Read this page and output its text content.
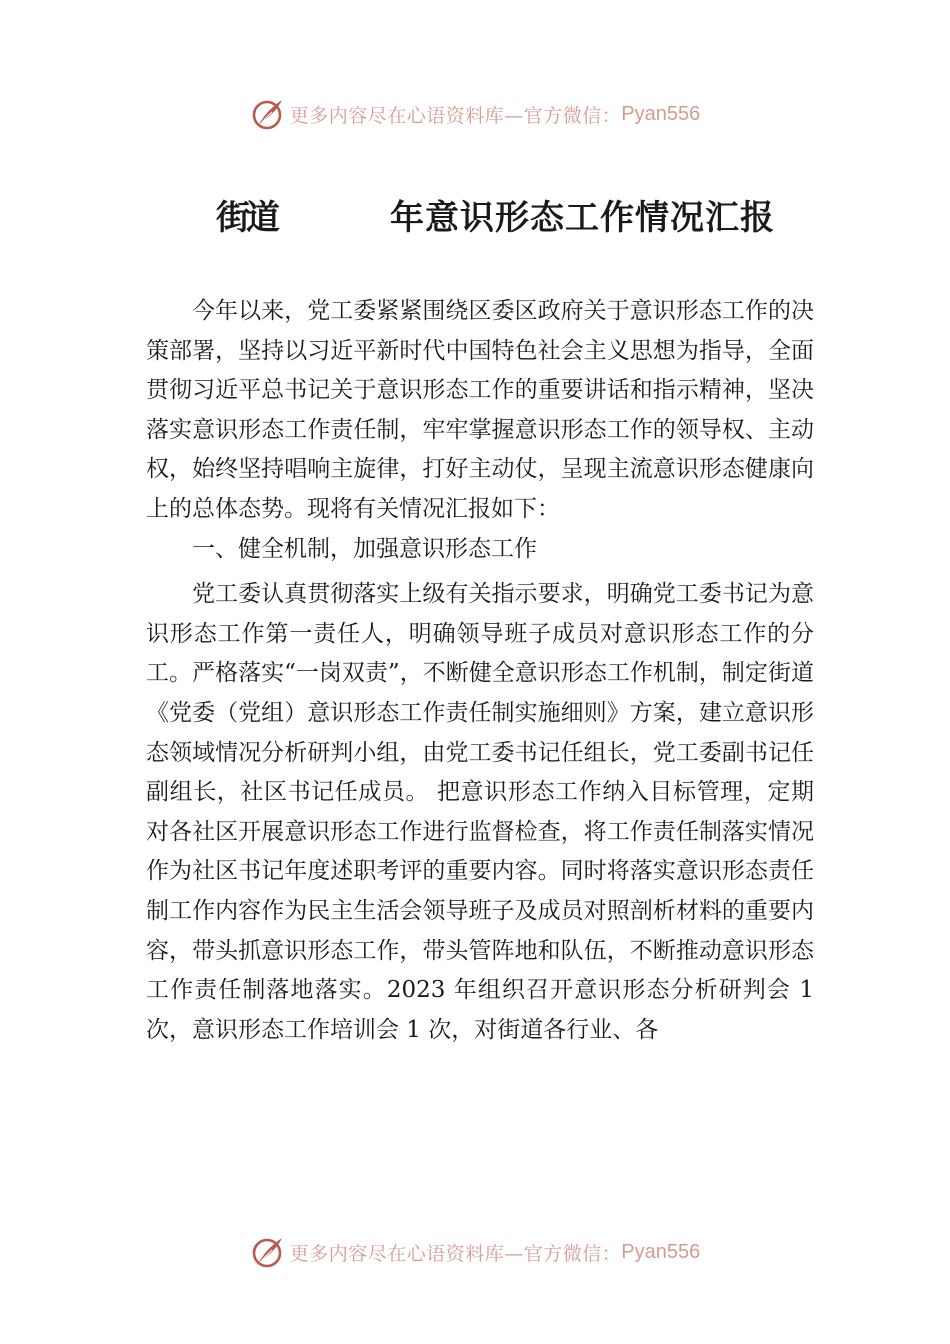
更多内容尽在心语资料库—官方微信： Pyan556
街道	年意识形态工作情况汇报

今年以来，党工委紧紧围绕区委区政府关于意识形态工作的决策部署，坚持以习近平新时代中国特色社会主义思想为指导，全面贯彻习近平总书记关于意识形态工作的重要讲话和指示精神，坚决落实意识形态工作责任制，牢牢掌握意识形态工作的领导权、主动权，始终坚持唱响主旋律，打好主动仗，呈现主流意识形态健康向上的总体态势。现将有关情况汇报如下：

一、健全机制，加强意识形态工作

党工委认真贯彻落实上级有关指示要求，明确党工委书记为意识形态工作第一责任人，明确领导班子成员对意识形态工作的分工。严格落实“一岗双责”，不断健全意识形态工作机制，制定街道《党委（党组）意识形态工作责任制实施细则》方案，建立意识形态领域情况分析研判小组，由党工委书记任组长，党工委副书记任副组长，社区书记任成员。 把意识形态工作纳入目标管理，定期对各社区开展意识形态工作进行监督检查，将工作责任制落实情况作为社区书记年度述职考评的重要内容。同时将落实意识形态责任制工作内容作为民主生活会领导班子及成员对照剖析材料的重要内容，带头抓意识形态工作，带头管阵地和队伍，不断推动意识形态工作责任制落地落实。2023 年组织召开意识形态分析研判会 1 次，意识形态工作培训会 1 次，对街道各行业、各

更多内容尽在心语资料库—官方微信： Pyan556
